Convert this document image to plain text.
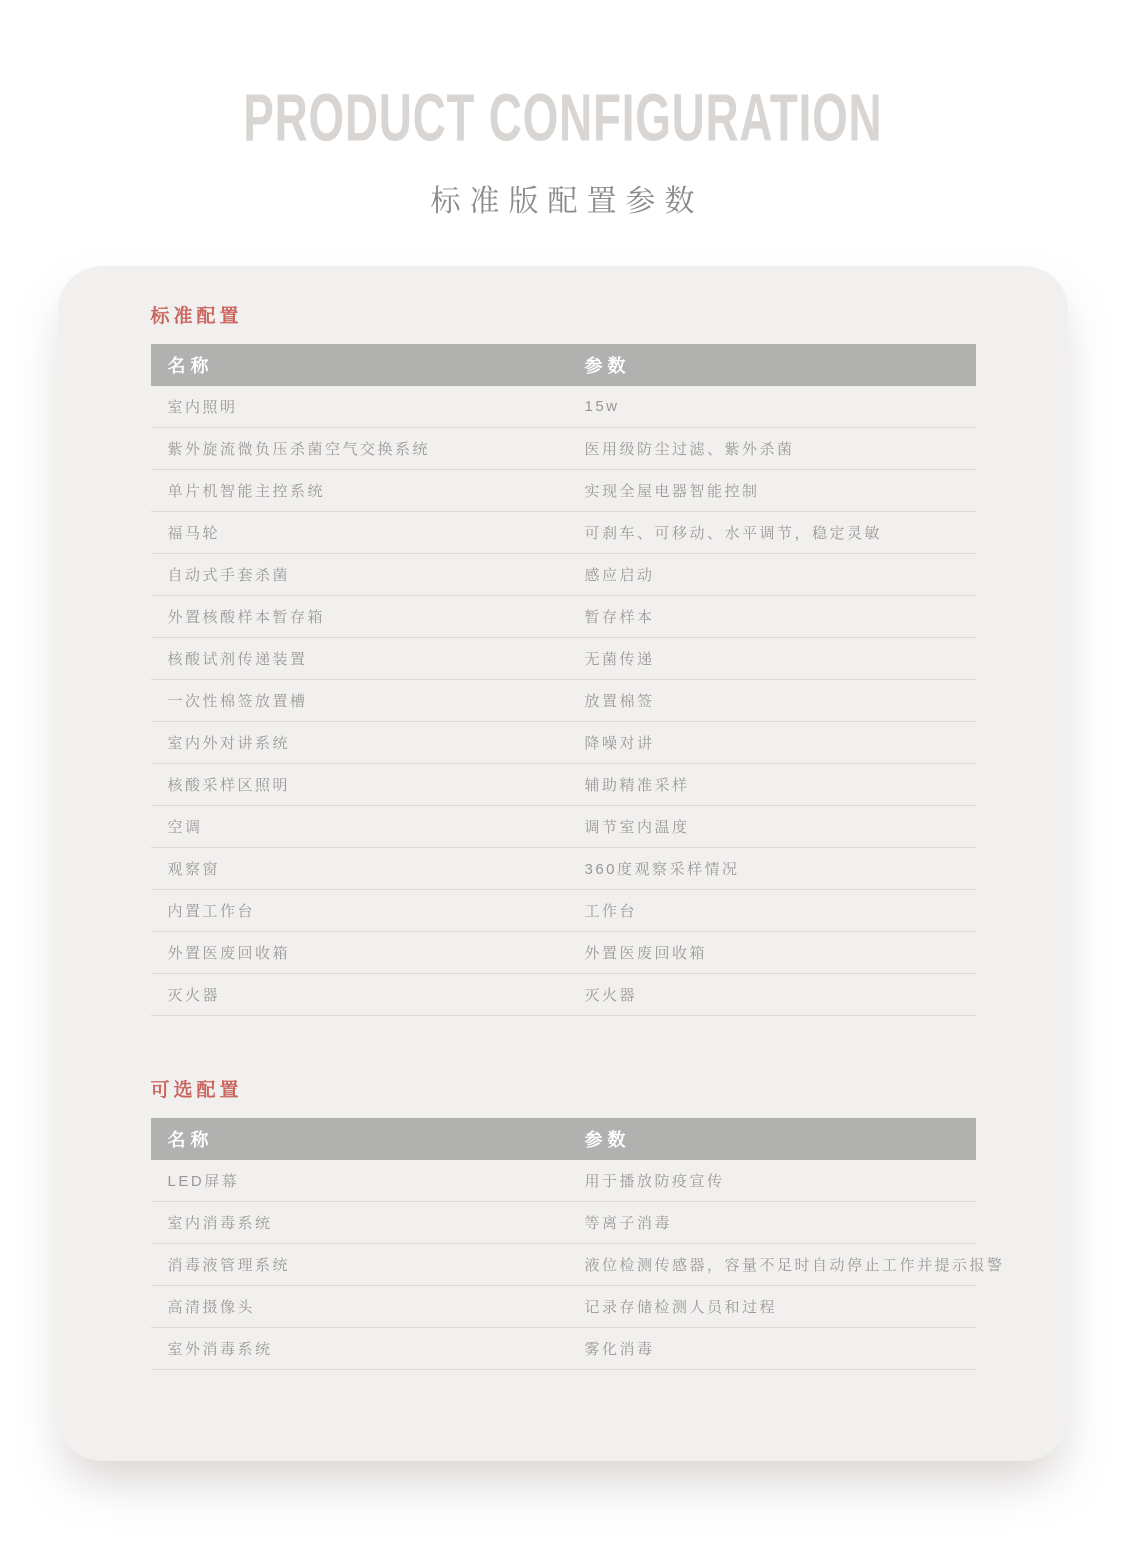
PRODUCT CONFIGURATION
标准版配置参数
标准配置
名称	参数
室内照明	15w
紫外旋流微负压杀菌空气交换系统	医用级防尘过滤、紫外杀菌
单片机智能主控系统	实现全屋电器智能控制
福马轮	可刹车、可移动、水平调节，稳定灵敏
自动式手套杀菌	感应启动
外置核酸样本暂存箱	暂存样本
核酸试剂传递装置	无菌传递
一次性棉签放置槽	放置棉签
室内外对讲系统	降噪对讲
核酸采样区照明	辅助精准采样
空调	调节室内温度
观察窗	360度观察采样情况
内置工作台	工作台
外置医废回收箱	外置医废回收箱
灭火器	灭火器
可选配置
名称	参数
LED屏幕	用于播放防疫宣传
室内消毒系统	等离子消毒
消毒液管理系统	液位检测传感器，容量不足时自动停止工作并提示报警
高清摄像头	记录存储检测人员和过程
室外消毒系统	雾化消毒
